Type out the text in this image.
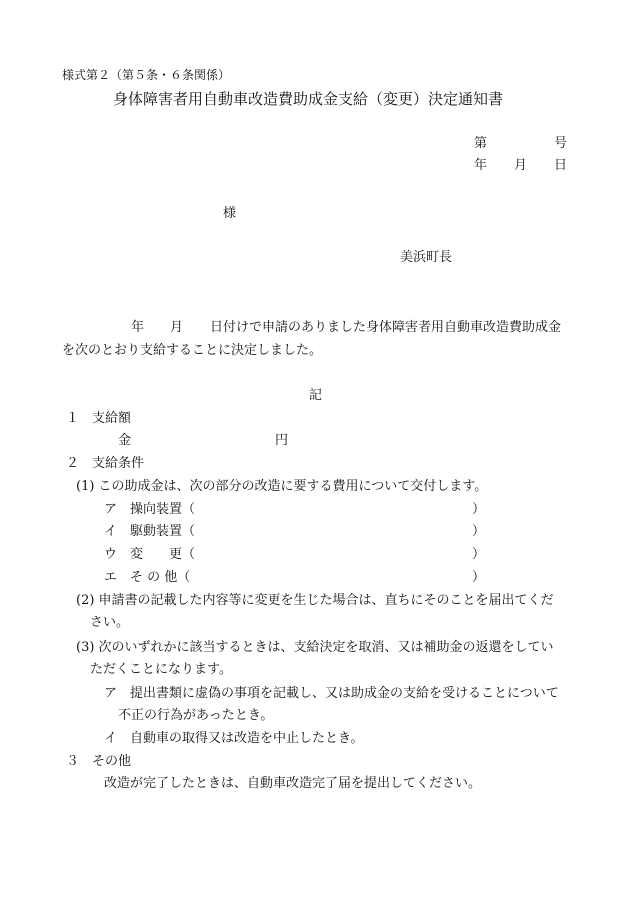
様式第２（第５条・６条関係）
身体障害者用自動車改造費助成金支給（変更）決定通知書
第	号
年 月 日
様
美浜町長
年 月 日付けで申請のありました身体障害者用自動車改造費助成金
を次のとおり支給することに決定しました。
記
１　支給額
金	円
２　支給条件
(1) この助成金は、次の部分の改造に要する費用について交付します。
ア　操向装置（	）
イ　駆動装置（	）
ウ　変　　更（	）
エ　そ の 他（	）
(2) 申請書の記載した内容等に変更を生じた場合は、直ちにそのことを届出てくだ
さい。
(3) 次のいずれかに該当するときは、支給決定を取消、又は補助金の返還をしてい
ただくことになります。
ア　提出書類に虚偽の事項を記載し、又は助成金の支給を受けることについて
不正の行為があったとき。
イ　自動車の取得又は改造を中止したとき。
３　その他
改造が完了したときは、自動車改造完了届を提出してください。
